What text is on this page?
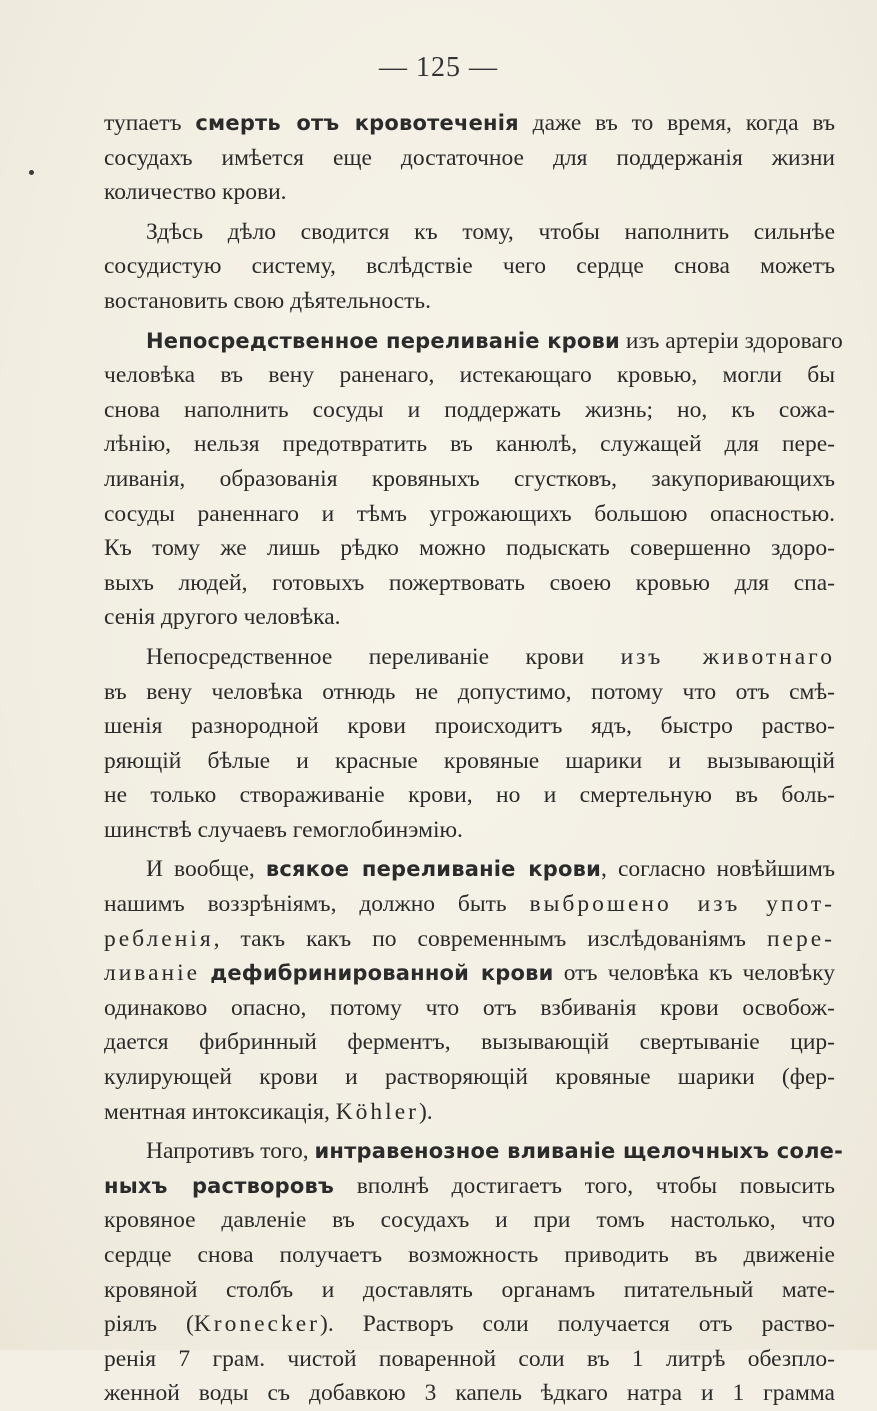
— 125 —
тупаетъ смерть отъ кровотеченія даже въ то время, когда въ
сосудахъ имѣется еще достаточное для поддержанія жизни
количество крови.
Здѣсь дѣло сводится къ тому, чтобы наполнить сильнѣе
сосудистую систему, вслѣдствіе чего сердце снова можетъ
востановить свою дѣятельность.
Непосредственное переливаніе крови изъ артеріи здороваго
человѣка въ вену раненаго, истекающаго кровью, могли бы
снова наполнить сосуды и поддержать жизнь; но, къ сожа-
лѣнію, нельзя предотвратить въ канюлѣ, служащей для пере-
ливанія, образованія кровяныхъ сгустковъ, закупоривающихъ
сосуды раненнаго и тѣмъ угрожающихъ большою опасностью.
Къ тому же лишь рѣдко можно подыскать совершенно здоро-
выхъ людей, готовыхъ пожертвовать своею кровью для спа-
сенія другого человѣка.
Непосредственное переливаніе крови изъ животнаго
въ вену человѣка отнюдь не допустимо, потому что отъ смѣ-
шенія разнородной крови происходитъ ядъ, быстро раство-
ряющій бѣлые и красные кровяные шарики и вызывающій
не только створаживаніе крови, но и смертельную въ боль-
шинствѣ случаевъ гемоглобинэмію.
И вообще, всякое переливаніе крови, согласно новѣйшимъ
нашимъ воззрѣніямъ, должно быть выброшено изъ упот-
ребленія, такъ какъ по современнымъ изслѣдованіямъ пере-
ливаніе дефибринированной крови отъ человѣка къ человѣку
одинаково опасно, потому что отъ взбиванія крови освобож-
дается фибринный ферментъ, вызывающій свертываніе цир-
кулирующей крови и растворяющій кровяные шарики (фер-
ментная интоксикація, Köhler).
Напротивъ того, интравенозное вливаніе щелочныхъ соле-
ныхъ растворовъ вполнѣ достигаетъ того, чтобы повысить
кровяное давленіе въ сосудахъ и при томъ настолько, что
сердце снова получаетъ возможность приводить въ движеніе
кровяной столбъ и доставлять органамъ питательный мате-
ріялъ (Kronecker). Растворъ соли получается отъ раство-
ренія 7 грам. чистой поваренной соли въ 1 литрѣ обезпло-
женной воды съ добавкою 3 капель ѣдкаго натра и 1 грамма
